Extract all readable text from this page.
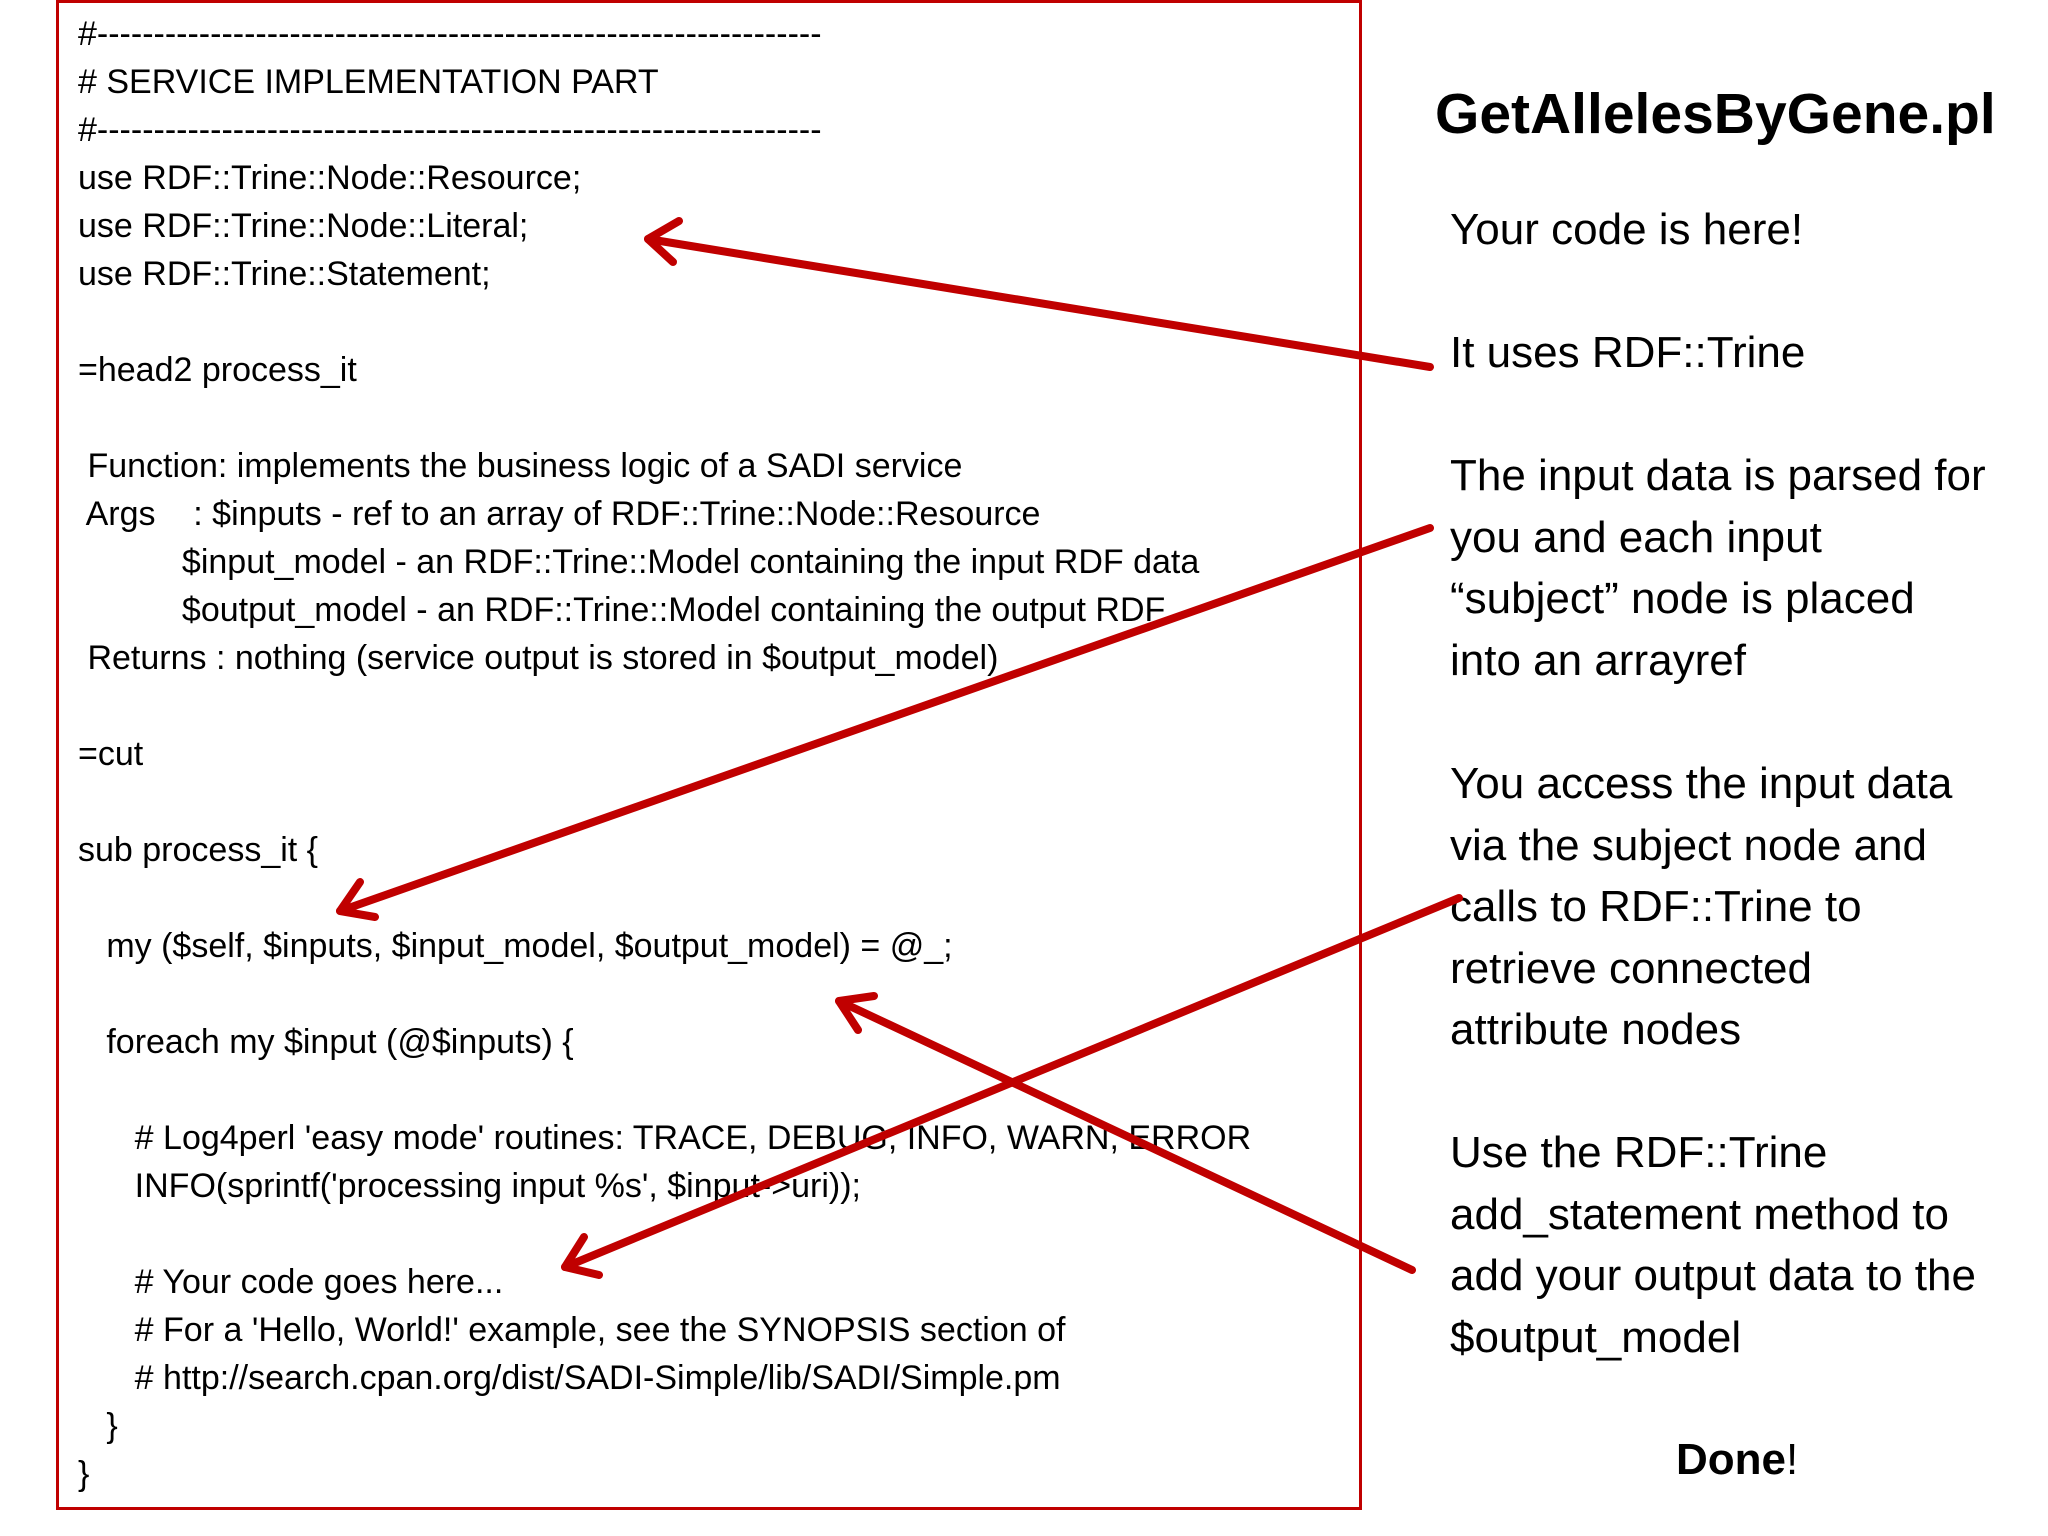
#----------------------------------------------------------------
# SERVICE IMPLEMENTATION PART
#----------------------------------------------------------------
use RDF::Trine::Node::Resource;
use RDF::Trine::Node::Literal;
use RDF::Trine::Statement;
=head2 process_it
Function: implements the business logic of a SADI service
Args    : $inputs - ref to an array of RDF::Trine::Node::Resource
$input_model - an RDF::Trine::Model containing the input RDF data
$output_model - an RDF::Trine::Model containing the output RDF
Returns : nothing (service output is stored in $output_model)
=cut
sub process_it {
my ($self, $inputs, $input_model, $output_model) = @_;
foreach my $input (@$inputs) {
# Log4perl 'easy mode' routines: TRACE, DEBUG, INFO, WARN, ERROR
INFO(sprintf('processing input %s', $input->uri));
# Your code goes here...
# For a 'Hello, World!' example, see the SYNOPSIS section of
# http://search.cpan.org/dist/SADI-Simple/lib/SADI/Simple.pm
}
}
GetAllelesByGene.pl
Your code is here!
It uses RDF::Trine
The input data is parsed for
you and each input
“subject” node is placed
into an arrayref
You access the input data
via the subject node and
calls to RDF::Trine to
retrieve connected
attribute nodes
Use the RDF::Trine
add_statement method to
add your output data to the
$output_model
Done!
